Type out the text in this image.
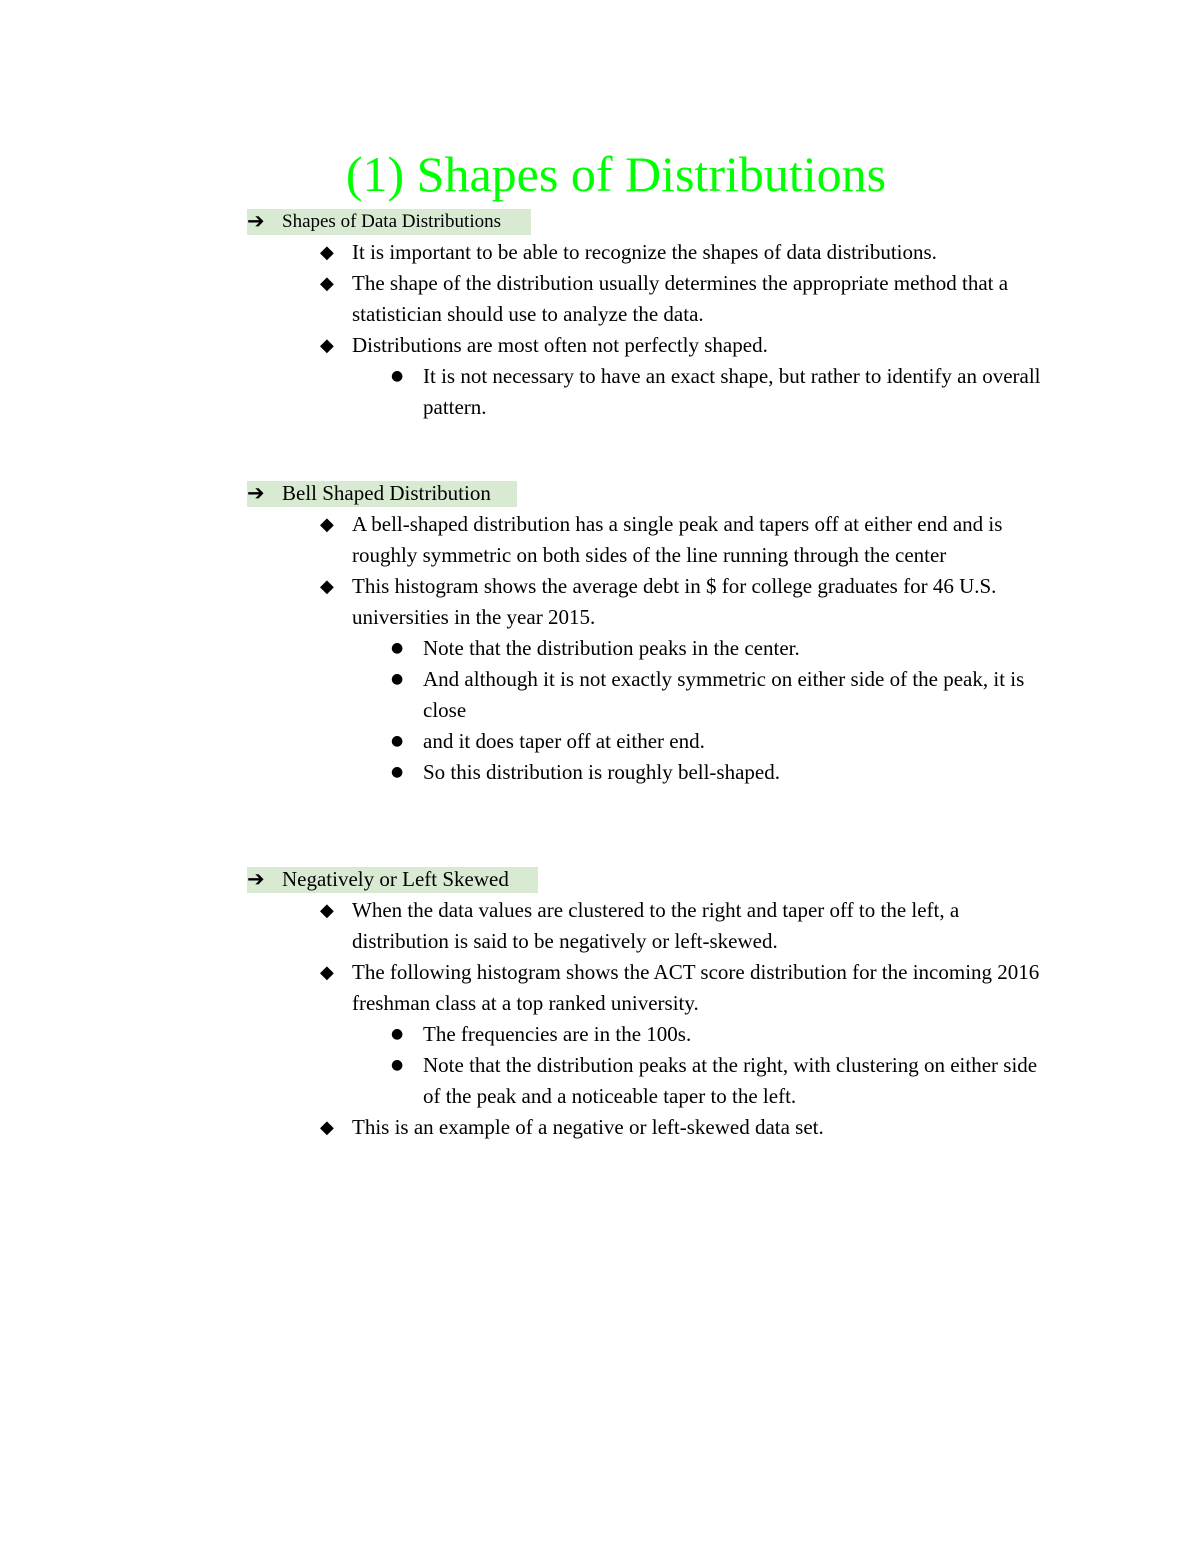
(1) Shapes of Distributions
➔ Shapes of Data Distributions
◆ It is important to be able to recognize the shapes of data distributions.
◆ The shape of the distribution usually determines the appropriate method that a statistician should use to analyze the data.
◆ Distributions are most often not perfectly shaped.
● It is not necessary to have an exact shape, but rather to identify an overall pattern.
➔ Bell Shaped Distribution
◆ A bell-shaped distribution has a single peak and tapers off at either end and is roughly symmetric on both sides of the line running through the center
◆ This histogram shows the average debt in $ for college graduates for 46 U.S. universities in the year 2015.
● Note that the distribution peaks in the center.
● And although it is not exactly symmetric on either side of the peak, it is close
● and it does taper off at either end.
● So this distribution is roughly bell-shaped.
➔ Negatively or Left Skewed
◆ When the data values are clustered to the right and taper off to the left, a distribution is said to be negatively or left-skewed.
◆ The following histogram shows the ACT score distribution for the incoming 2016 freshman class at a top ranked university.
● The frequencies are in the 100s.
● Note that the distribution peaks at the right, with clustering on either side of the peak and a noticeable taper to the left.
◆ This is an example of a negative or left-skewed data set.
